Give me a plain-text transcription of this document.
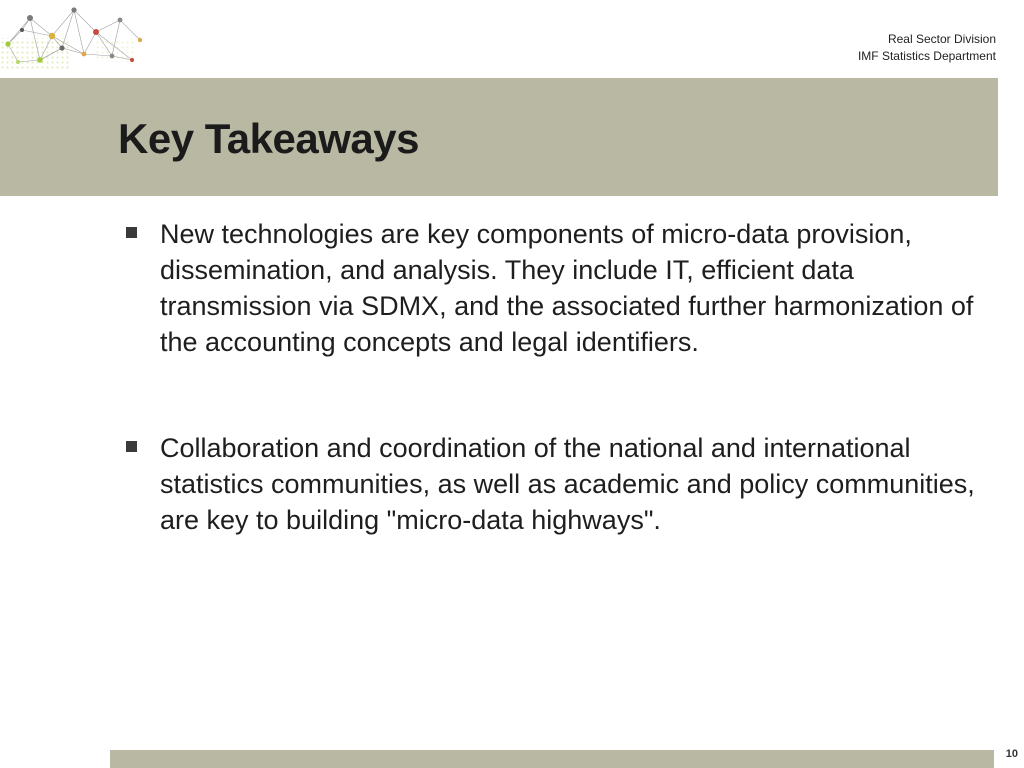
Real Sector Division
IMF Statistics Department
Key Takeaways
New technologies are key components of micro-data provision, dissemination, and analysis. They include IT, efficient data transmission via SDMX, and the associated further harmonization of the accounting concepts and legal identifiers.
Collaboration and coordination of the national and international statistics communities, as well as academic and policy communities, are key to building "micro-data highways".
10
